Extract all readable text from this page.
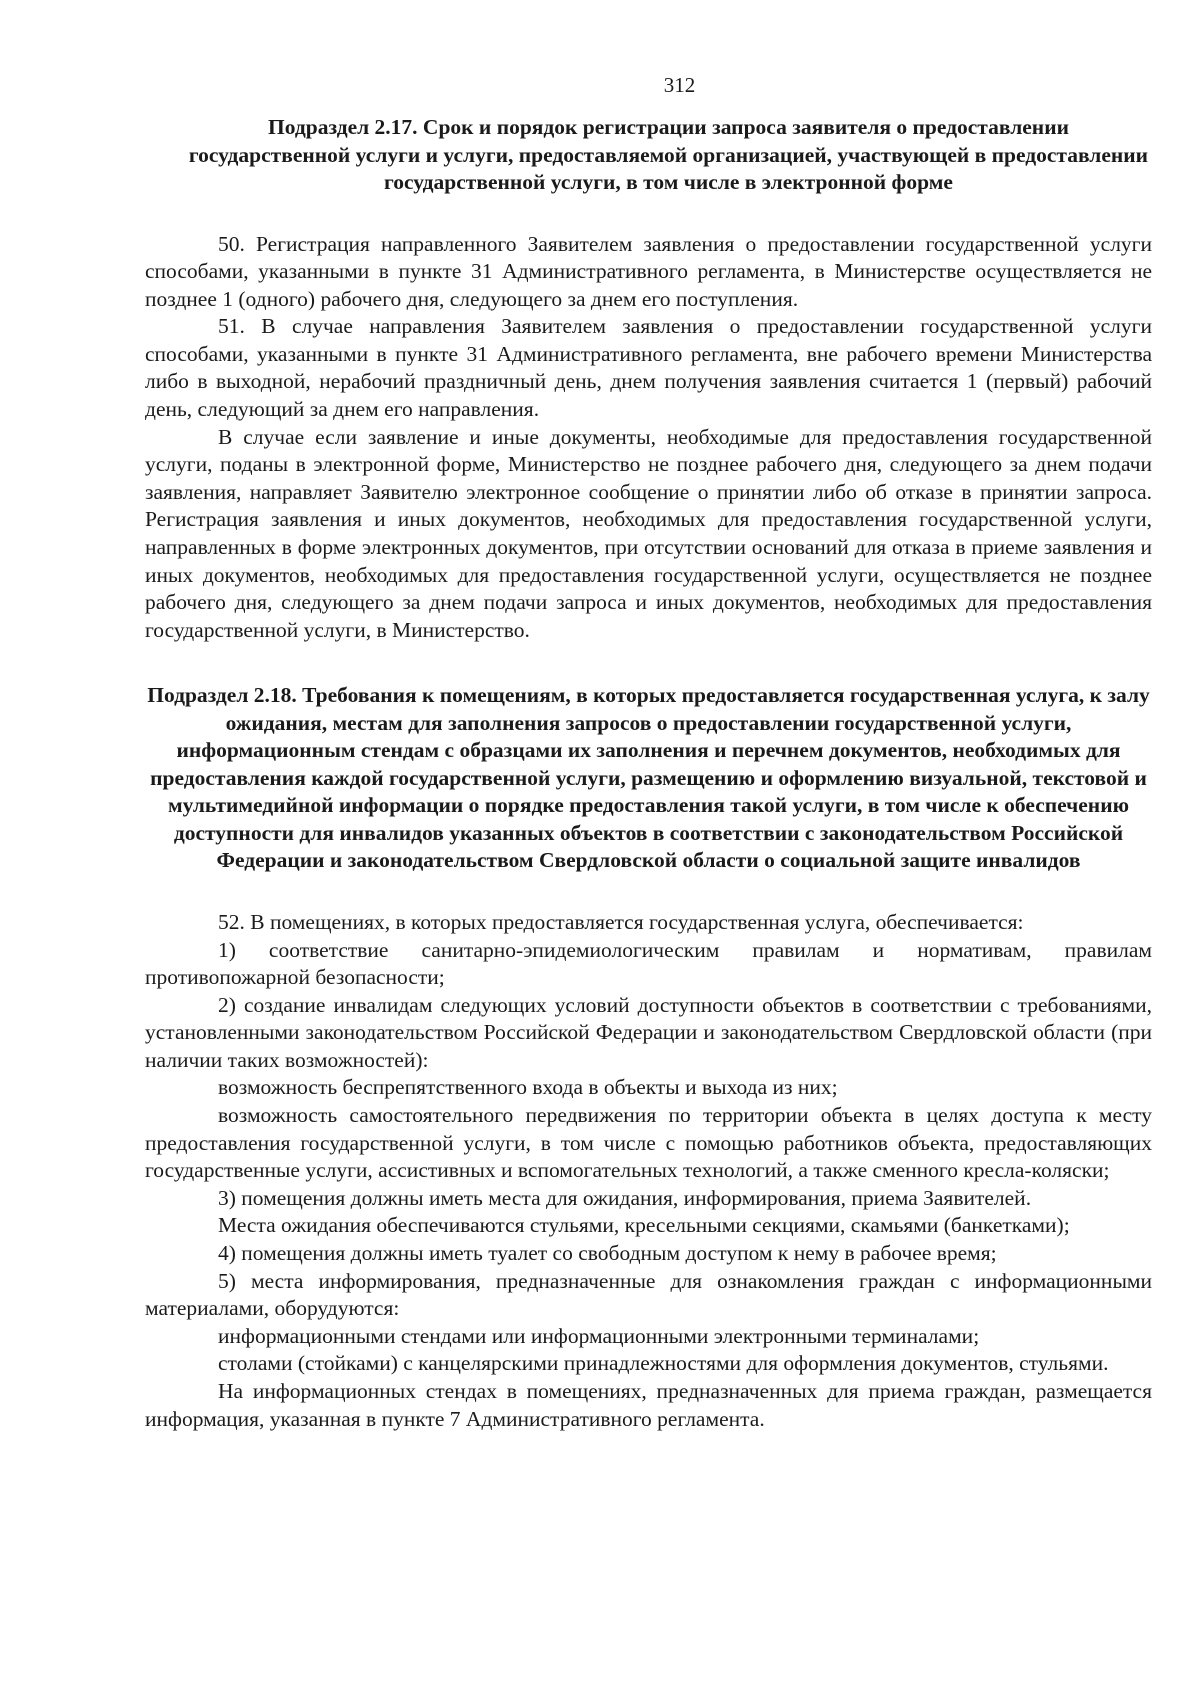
312
Подраздел 2.17. Срок и порядок регистрации запроса заявителя о предоставлении государственной услуги и услуги, предоставляемой организацией, участвующей в предоставлении государственной услуги, в том числе в электронной форме

50. Регистрация направленного Заявителем заявления о предоставлении государственной услуги способами, указанными в пункте 31 Административного регламента, в Министерстве осуществляется не позднее 1 (одного) рабочего дня, следующего за днем его поступления.

51. В случае направления Заявителем заявления о предоставлении государственной услуги способами, указанными в пункте 31 Административного регламента, вне рабочего времени Министерства либо в выходной, нерабочий праздничный день, днем получения заявления считается 1 (первый) рабочий день, следующий за днем его направления.

В случае если заявление и иные документы, необходимые для предоставления государственной услуги, поданы в электронной форме, Министерство не позднее рабочего дня, следующего за днем подачи заявления, направляет Заявителю электронное сообщение о принятии либо об отказе в принятии запроса. Регистрация заявления и иных документов, необходимых для предоставления государственной услуги, направленных в форме электронных документов, при отсутствии оснований для отказа в приеме заявления и иных документов, необходимых для предоставления государственной услуги, осуществляется не позднее рабочего дня, следующего за днем подачи запроса и иных документов, необходимых для предоставления государственной услуги, в Министерство.

Подраздел 2.18. Требования к помещениям, в которых предоставляется государственная услуга, к залу ожидания, местам для заполнения запросов о предоставлении государственной услуги, информационным стендам с образцами их заполнения и перечнем документов, необходимых для предоставления каждой государственной услуги, размещению и оформлению визуальной, текстовой и мультимедийной информации о порядке предоставления такой услуги, в том числе к обеспечению доступности для инвалидов указанных объектов в соответствии с законодательством Российской Федерации и законодательством Свердловской области о социальной защите инвалидов

52. В помещениях, в которых предоставляется государственная услуга, обеспечивается:

1) соответствие санитарно-эпидемиологическим правилам и нормативам, правилам противопожарной безопасности;

2) создание инвалидам следующих условий доступности объектов в соответствии с требованиями, установленными законодательством Российской Федерации и законодательством Свердловской области (при наличии таких возможностей):

возможность беспрепятственного входа в объекты и выхода из них;

возможность самостоятельного передвижения по территории объекта в целях доступа к месту предоставления государственной услуги, в том числе с помощью работников объекта, предоставляющих государственные услуги, ассистивных и вспомогательных технологий, а также сменного кресла-коляски;

3) помещения должны иметь места для ожидания, информирования, приема Заявителей.

Места ожидания обеспечиваются стульями, кресельными секциями, скамьями (банкетками);

4) помещения должны иметь туалет со свободным доступом к нему в рабочее время;

5) места информирования, предназначенные для ознакомления граждан с информационными материалами, оборудуются:

информационными стендами или информационными электронными терминалами;

столами (стойками) с канцелярскими принадлежностями для оформления документов, стульями.

На информационных стендах в помещениях, предназначенных для приема граждан, размещается информация, указанная в пункте 7 Административного регламента.
